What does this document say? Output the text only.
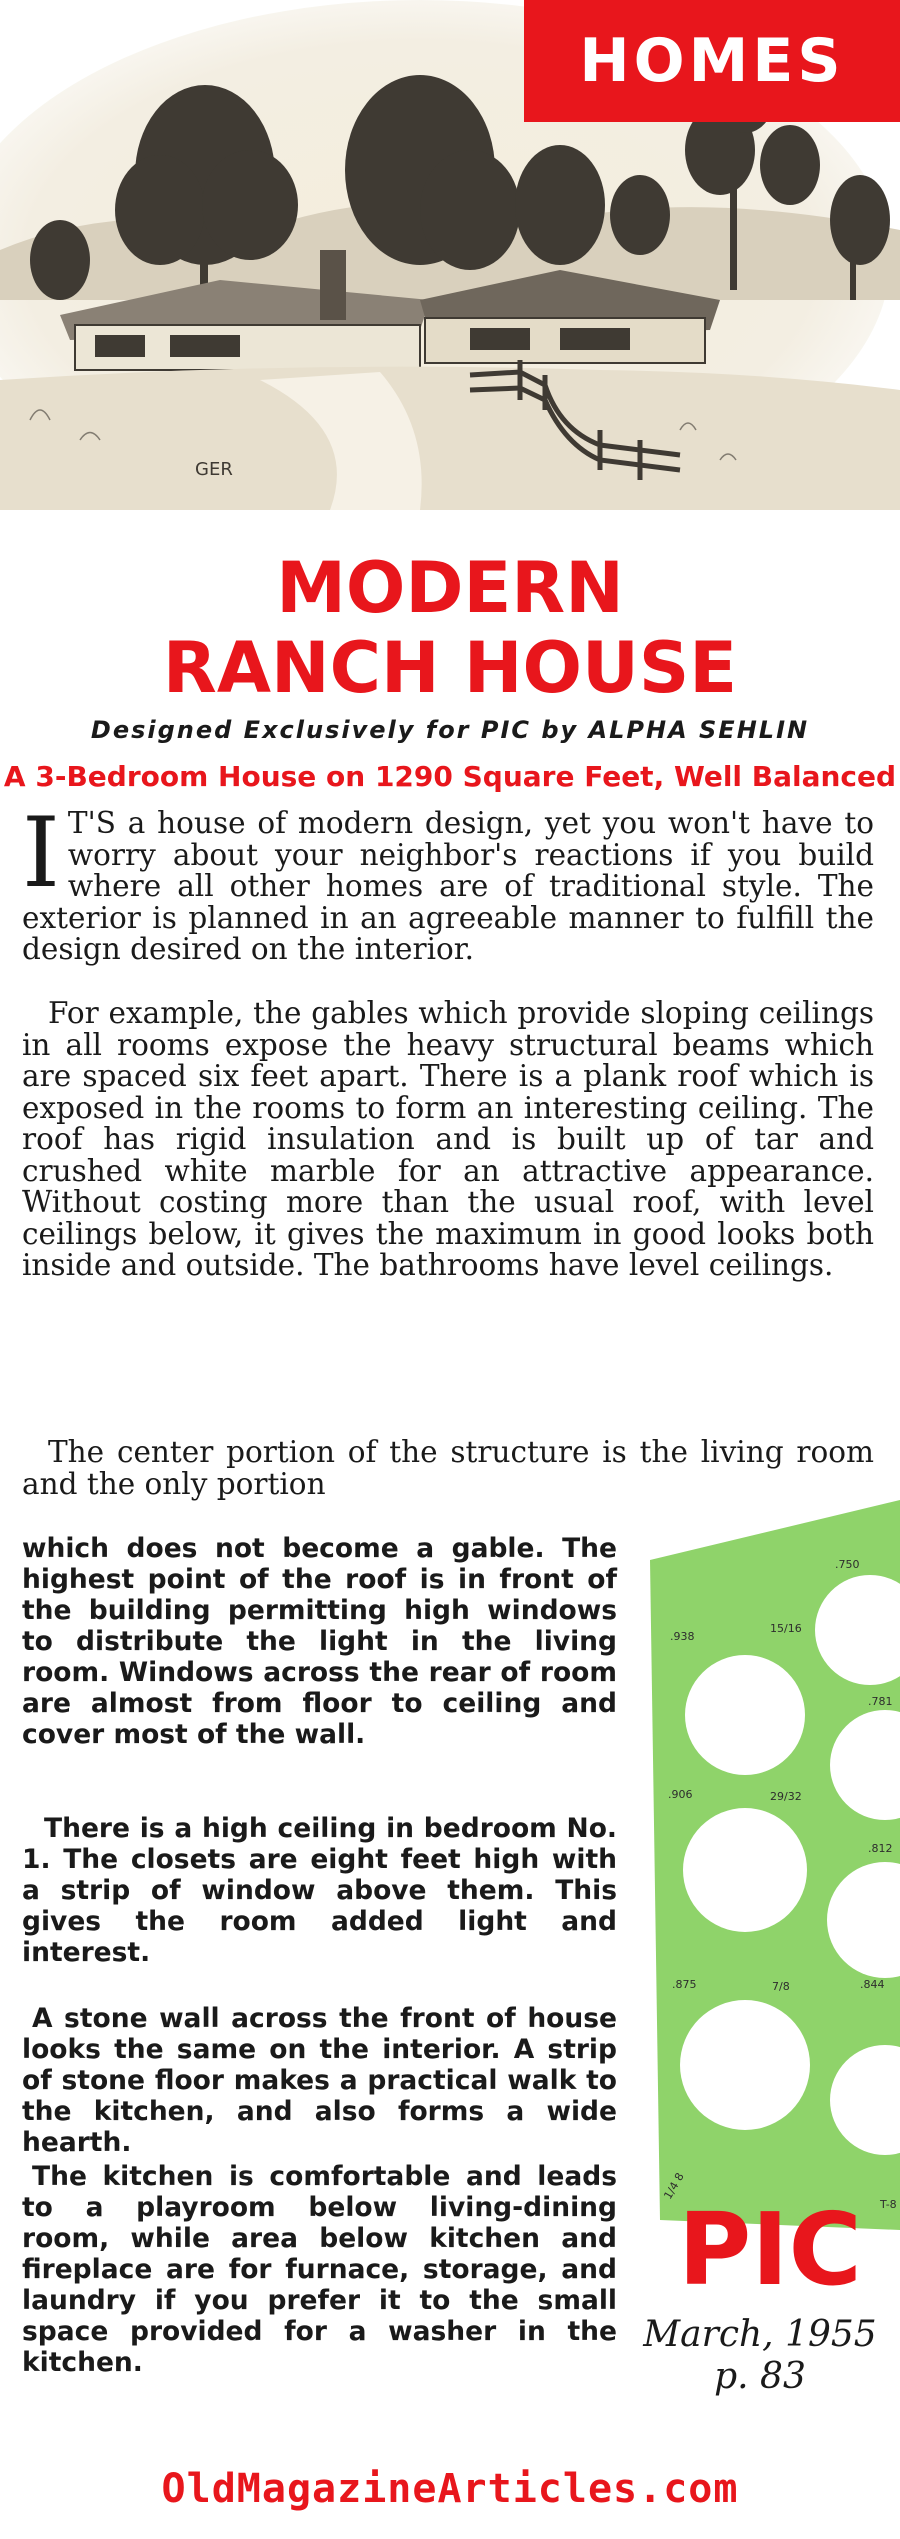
GER
HOMES
MODERN
RANCH HOUSE
Designed Exclusively for PIC by ALPHA SEHLIN
A 3-Bedroom House on 1290 Square Feet, Well Balanced
I T'S a house of modern design, yet you won't have to worry about your neighbor's reactions if you build where all other homes are of traditional style. The exterior is planned in an agreeable manner to fulfill the design desired on the interior.
For example, the gables which provide sloping ceilings in all rooms expose the heavy structural beams which are spaced six feet apart. There is a plank roof which is exposed in the rooms to form an interesting ceiling. The roof has rigid insulation and is built up of tar and crushed white marble for an attractive appearance. Without costing more than the usual roof, with level ceilings below, it gives the maximum in good looks both inside and outside. The bathrooms have level ceilings.
The center portion of the structure is the living room and the only portion
which does not become a gable. The highest point of the roof is in front of the building permitting high windows to distribute the light in the living room. Windows across the rear of room are almost from floor to ceiling and cover most of the wall.
There is a high ceiling in bedroom No. 1. The closets are eight feet high with a strip of window above them. This gives the room added light and interest.
A stone wall across the front of house looks the same on the interior. A strip of stone floor makes a practical walk to the kitchen, and also forms a wide hearth.
The kitchen is comfortable and leads to a playroom below living-dining room, while area below kitchen and fireplace are for furnace, storage, and laundry if you prefer it to the small space provided for a washer in the kitchen.
.750
.938
15/16
.781
.906	29/32
.812
.875	7/8	.844
T-8
1/4 8
PIC
March, 1955
p. 83
OldMagazineArticles.com
